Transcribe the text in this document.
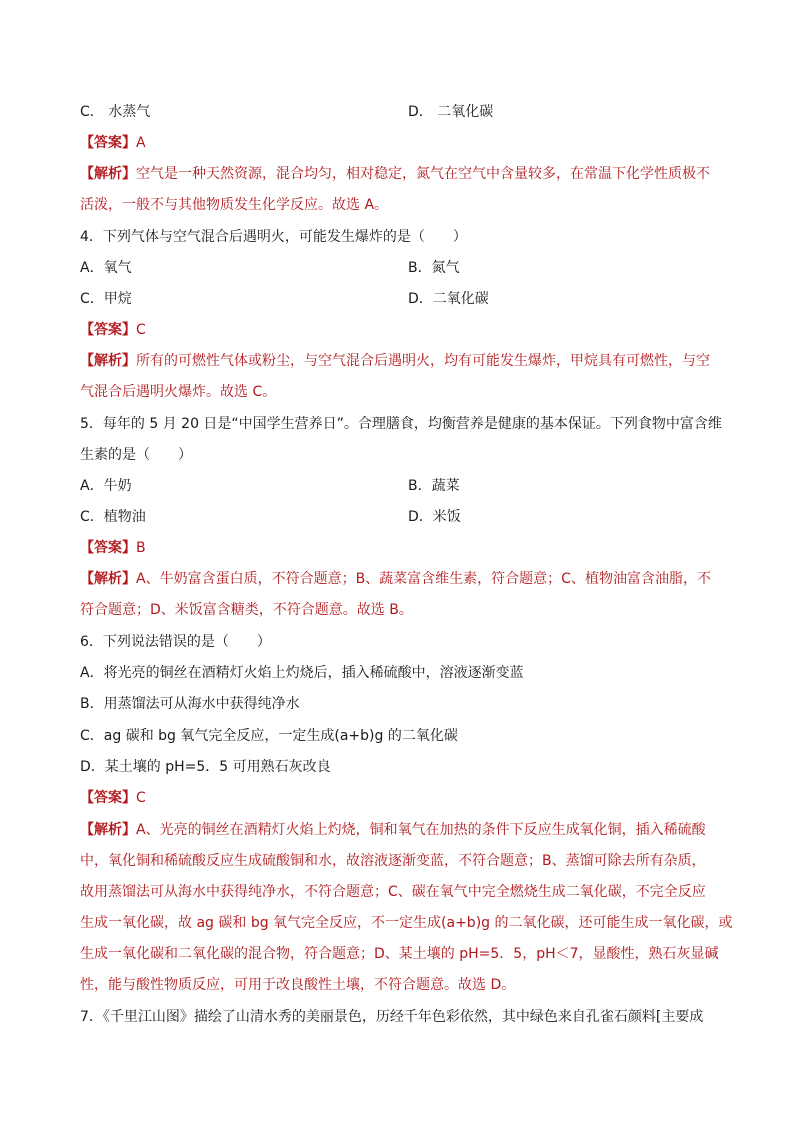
C． 水蒸气	D． 二氧化碳
【答案】A
【解析】空气是一种天然资源，混合均匀，相对稳定，氮气在空气中含量较多，在常温下化学性质极不
活泼，一般不与其他物质发生化学反应。故选 A。
4．下列气体与空气混合后遇明火，可能发生爆炸的是（　　）
A．氧气	B．氮气
C．甲烷	D．二氧化碳
【答案】C
【解析】所有的可燃性气体或粉尘，与空气混合后遇明火，均有可能发生爆炸，甲烷具有可燃性，与空
气混合后遇明火爆炸。故选 C。
5．每年的 5 月 20 日是“中国学生营养日”。合理膳食，均衡营养是健康的基本保证。下列食物中富含维
生素的是（　　）
A．牛奶	B．蔬菜
C．植物油	D．米饭
【答案】B
【解析】A、牛奶富含蛋白质，不符合题意；B、蔬菜富含维生素，符合题意；C、植物油富含油脂，不
符合题意；D、米饭富含糖类，不符合题意。故选 B。
6．下列说法错误的是（　　）
A．将光亮的铜丝在酒精灯火焰上灼烧后，插入稀硫酸中，溶液逐渐变蓝
B．用蒸馏法可从海水中获得纯净水
C．ag 碳和 bg 氧气完全反应，一定生成(a+b)g 的二氧化碳
D．某土壤的 pH=5．5 可用熟石灰改良
【答案】C
【解析】A、光亮的铜丝在酒精灯火焰上灼烧，铜和氧气在加热的条件下反应生成氧化铜，插入稀硫酸
中，氧化铜和稀硫酸反应生成硫酸铜和水，故溶液逐渐变蓝，不符合题意；B、蒸馏可除去所有杂质，
故用蒸馏法可从海水中获得纯净水，不符合题意；C、碳在氧气中完全燃烧生成二氧化碳，不完全反应
生成一氧化碳，故 ag 碳和 bg 氧气完全反应，不一定生成(a+b)g 的二氧化碳，还可能生成一氧化碳，或
生成一氧化碳和二氧化碳的混合物，符合题意；D、某土壤的 pH=5．5，pH＜7，显酸性，熟石灰显碱
性，能与酸性物质反应，可用于改良酸性土壤，不符合题意。故选 D。
7．《千里江山图》描绘了山清水秀的美丽景色，历经千年色彩依然，其中绿色来自孔雀石颜料[主要成
